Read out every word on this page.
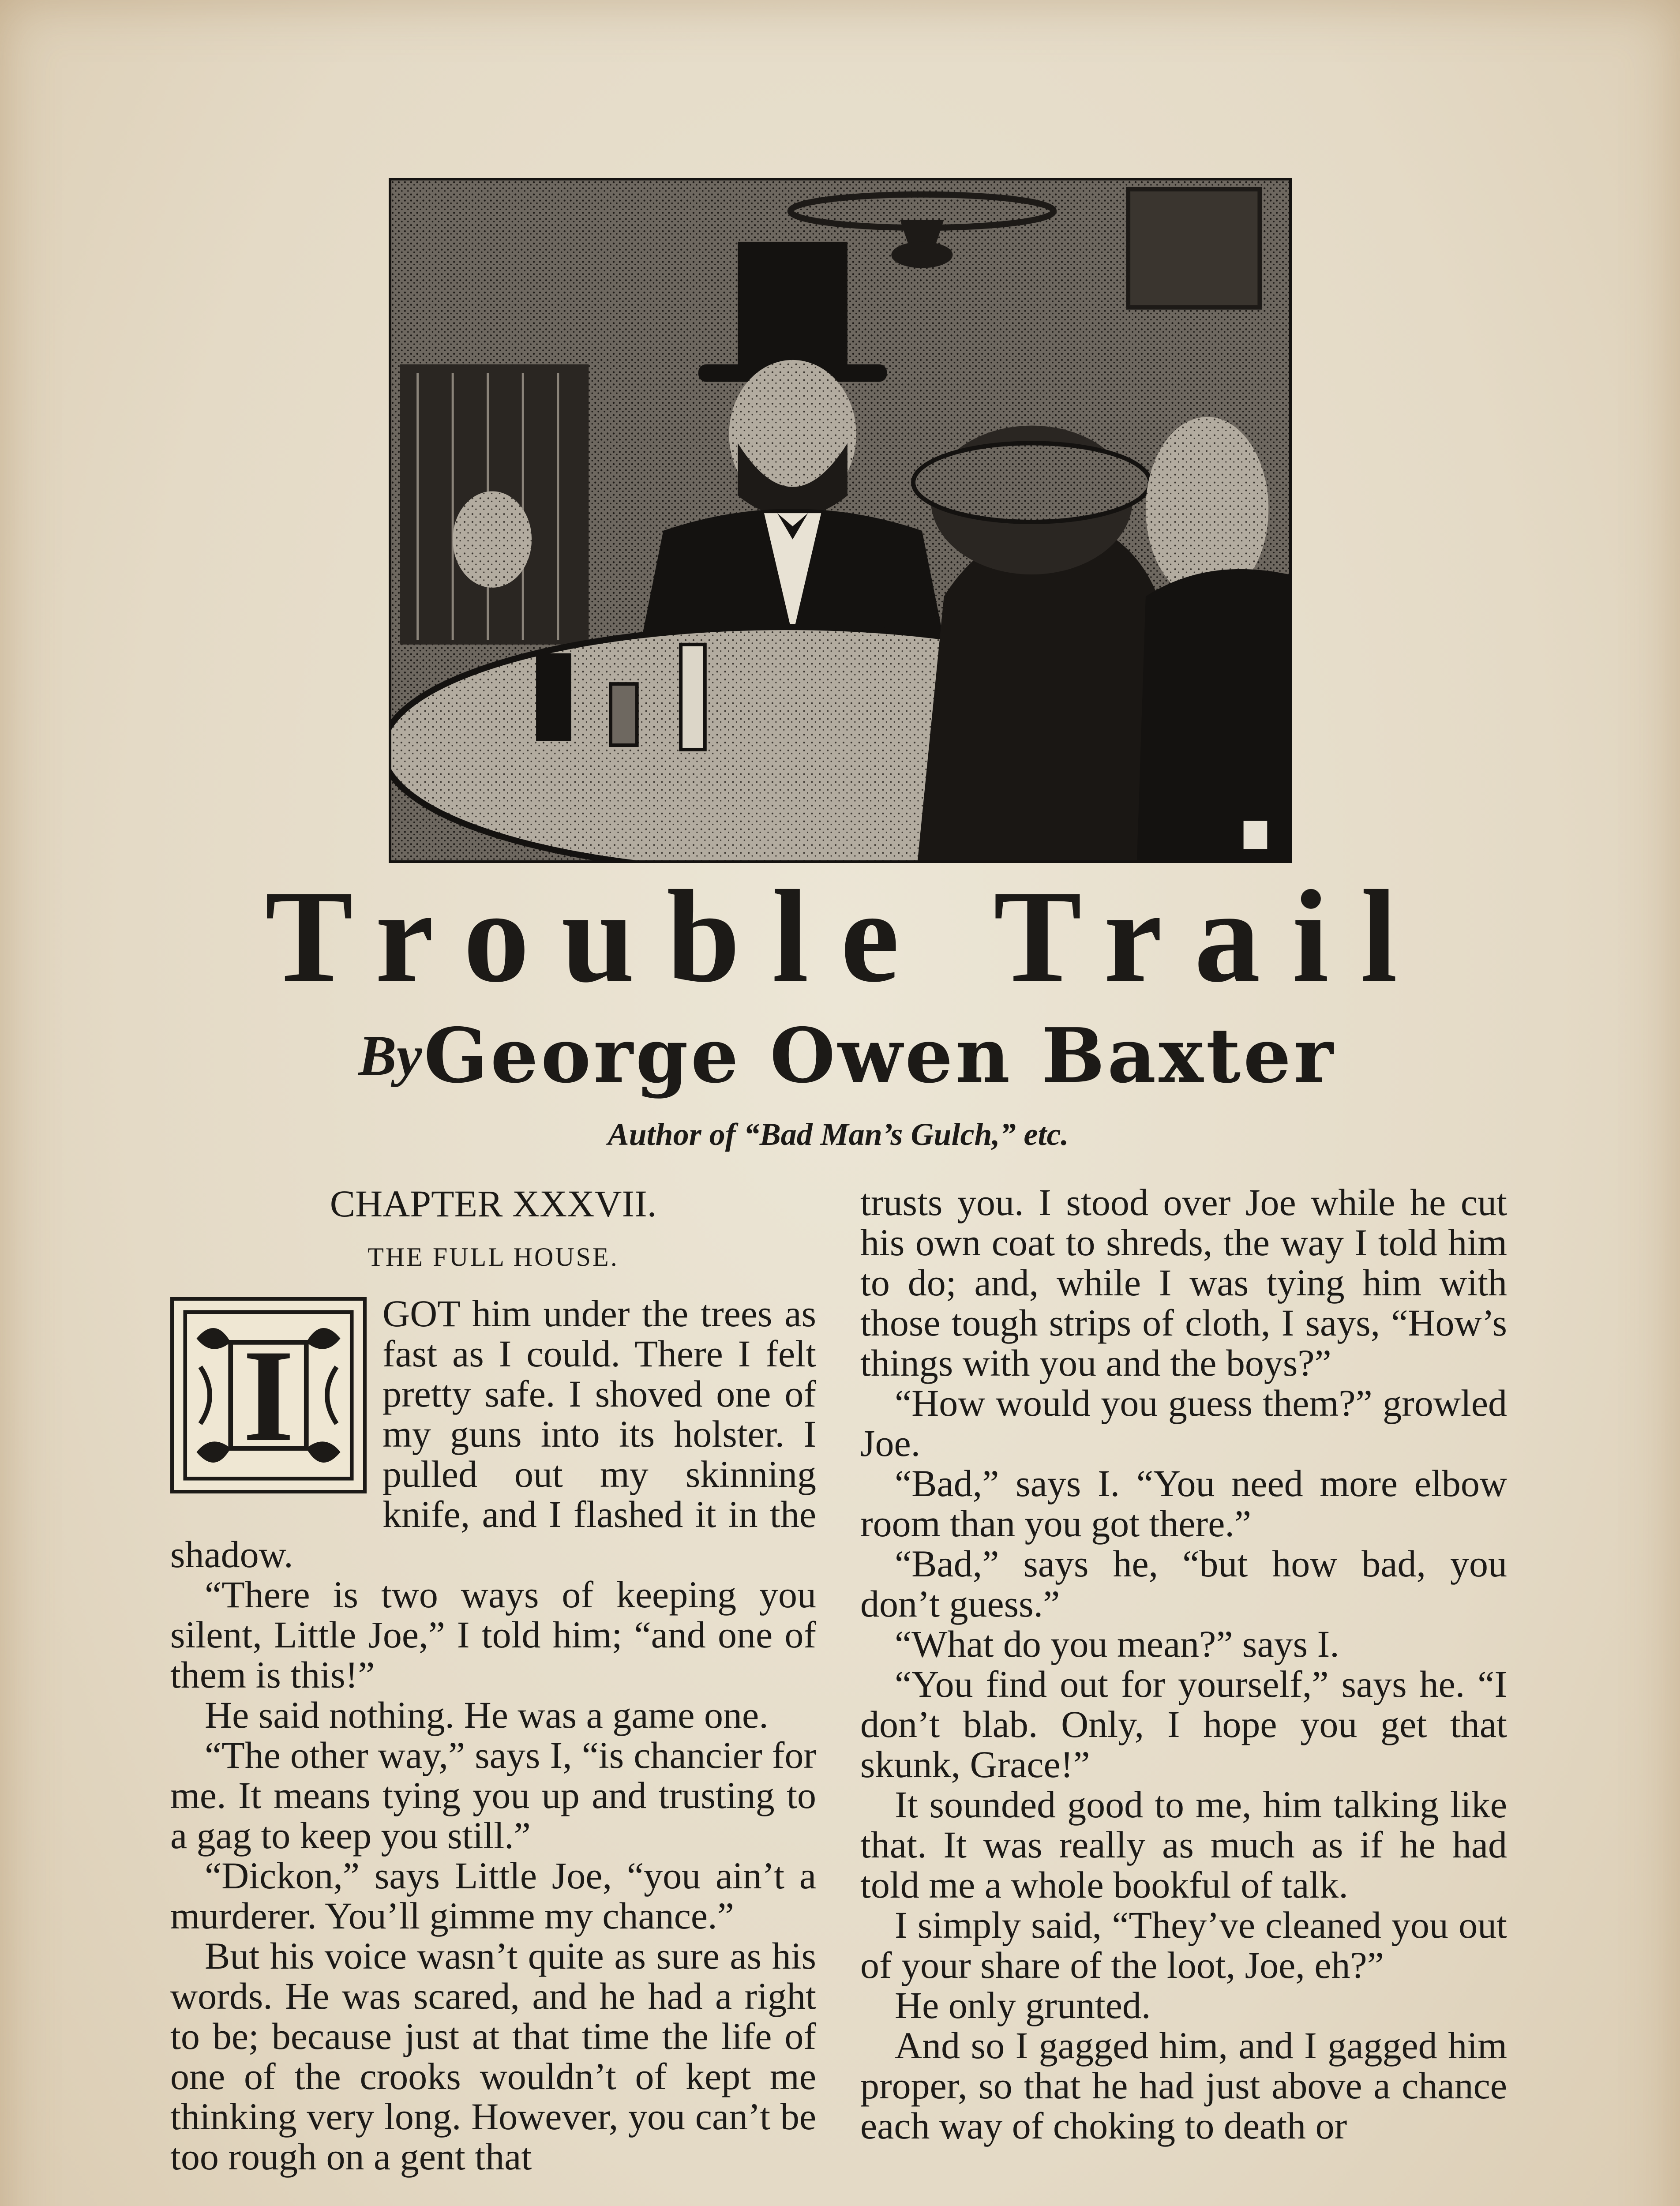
Trouble Trail
By George Owen Baxter
Author of “Bad Man’s Gulch,” etc.
CHAPTER XXXVII.
THE FULL HOUSE.
I

GOT him under the trees as fast as I could. There I felt pretty safe. I shoved one of my guns into its holster. I pulled out my skinning knife, and I flashed it in the shadow.

“There is two ways of keeping you silent, Little Joe,” I told him; “and one of them is this!”

He said nothing. He was a game one.

“The other way,” says I, “is chancier for me. It means tying you up and trusting to a gag to keep you still.”

“Dickon,” says Little Joe, “you ain’t a murderer. You’ll gimme my chance.”

But his voice wasn’t quite as sure as his words. He was scared, and he had a right to be; because just at that time the life of one of the crooks wouldn’t of kept me thinking very long. However, you can’t be too rough on a gent that

trusts you. I stood over Joe while he cut his own coat to shreds, the way I told him to do; and, while I was tying him with those tough strips of cloth, I says, “How’s things with you and the boys?”

“How would you guess them?” growled Joe.

“Bad,” says I. “You need more elbow room than you got there.”

“Bad,” says he, “but how bad, you don’t guess.”

“What do you mean?” says I.

“You find out for yourself,” says he. “I don’t blab. Only, I hope you get that skunk, Grace!”

It sounded good to me, him talking like that. It was really as much as if he had told me a whole bookful of talk.

I simply said, “They’ve cleaned you out of your share of the loot, Joe, eh?”

He only grunted.

And so I gagged him, and I gagged him proper, so that he had just above a chance each way of choking to death or
